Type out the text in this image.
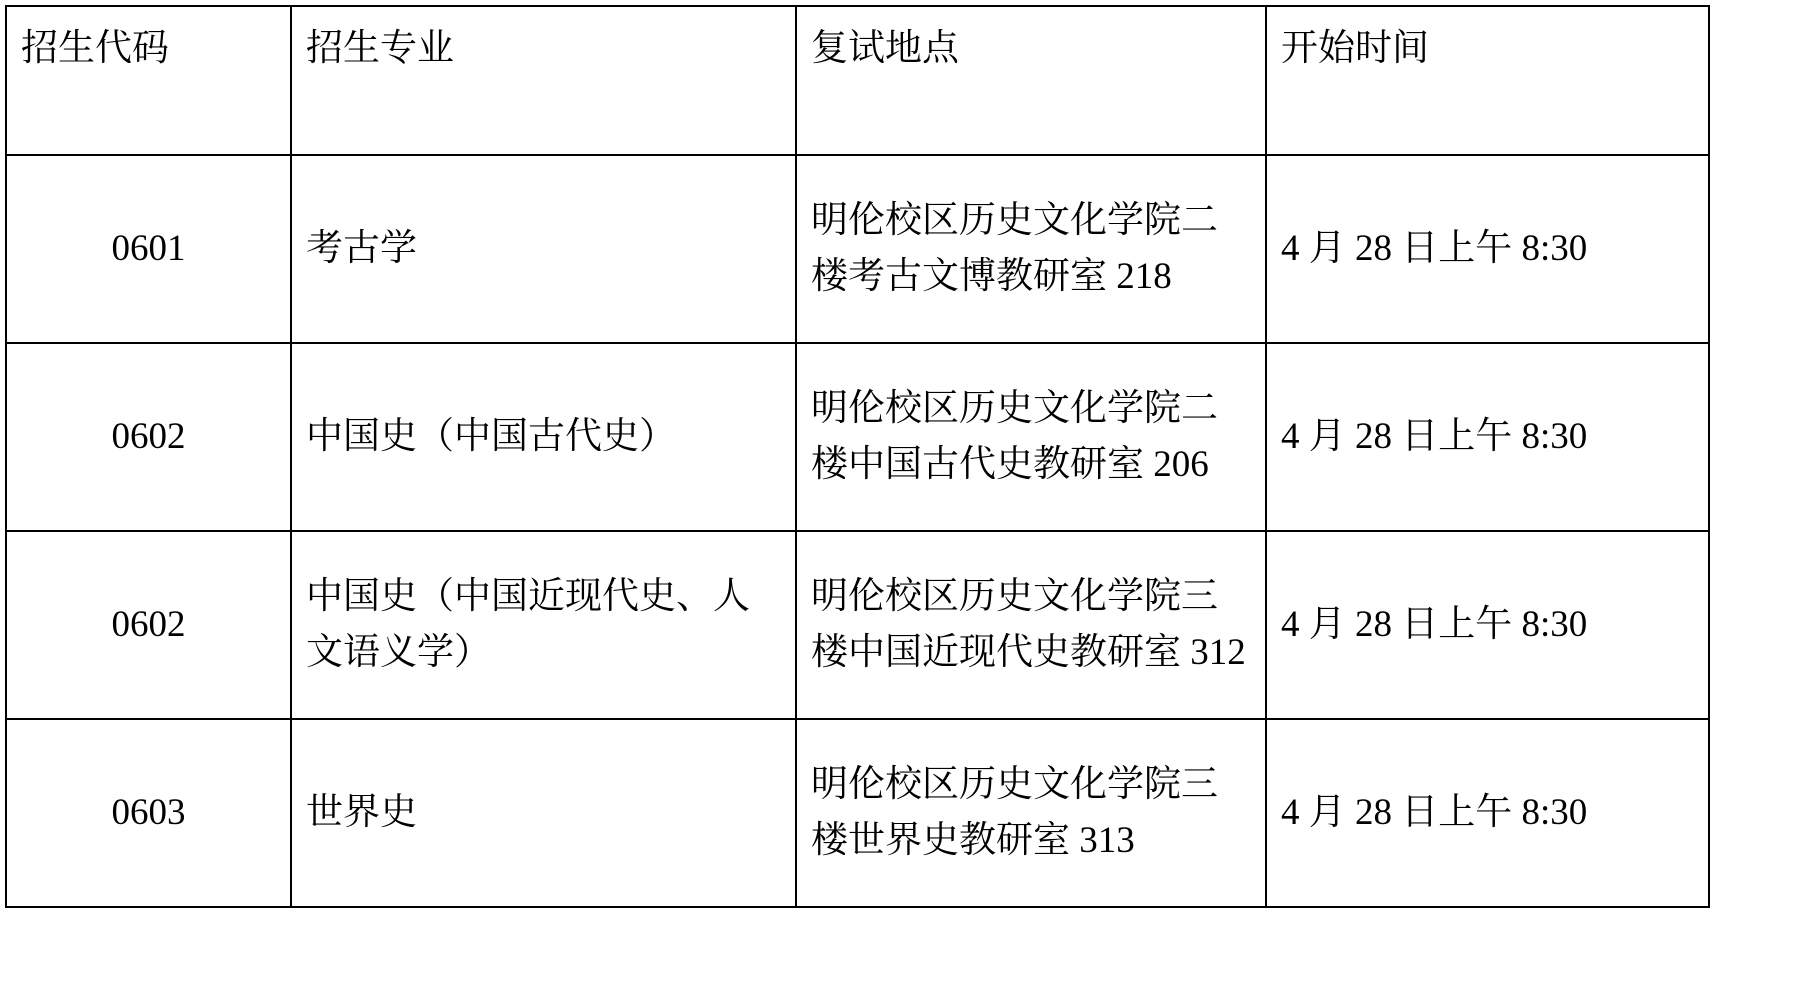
招生代码	招生专业	复试地点	开始时间
0601	考古学	明伦校区历史文化学院二楼考古文博教研室 218	4 月 28 日上午 8:30
0602	中国史（中国古代史）	明伦校区历史文化学院二楼中国古代史教研室 206	4 月 28 日上午 8:30
0602	中国史（中国近现代史、人文语义学）	明伦校区历史文化学院三楼中国近现代史教研室 312	4 月 28 日上午 8:30
0603	世界史	明伦校区历史文化学院三楼世界史教研室 313	4 月 28 日上午 8:30
